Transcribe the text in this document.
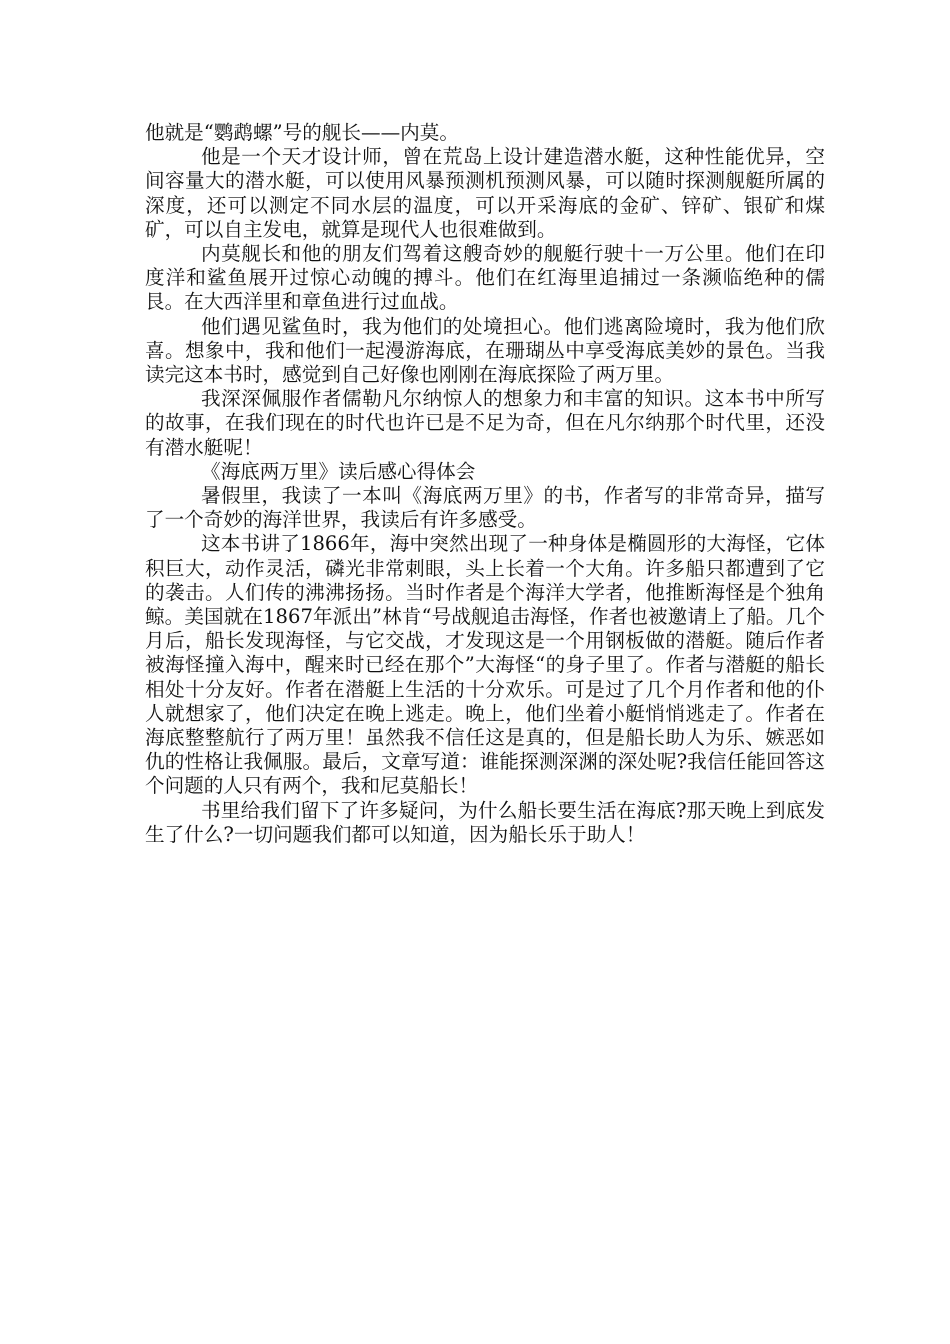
他就是“鹦鹉螺”号的舰长——内莫。

他是一个天才设计师，曾在荒岛上设计建造潜水艇，这种性能优异，空间容量大的潜水艇，可以使用风暴预测机预测风暴，可以随时探测舰艇所属的深度，还可以测定不同水层的温度，可以开采海底的金矿、锌矿、银矿和煤矿，可以自主发电，就算是现代人也很难做到。

内莫舰长和他的朋友们驾着这艘奇妙的舰艇行驶十一万公里。他们在印度洋和鲨鱼展开过惊心动魄的搏斗。他们在红海里追捕过一条濒临绝种的儒艮。在大西洋里和章鱼进行过血战。

他们遇见鲨鱼时，我为他们的处境担心。他们逃离险境时，我为他们欣喜。想象中，我和他们一起漫游海底，在珊瑚丛中享受海底美妙的景色。当我读完这本书时，感觉到自己好像也刚刚在海底探险了两万里。

我深深佩服作者儒勒凡尔纳惊人的想象力和丰富的知识。这本书中所写的故事，在我们现在的时代也许已是不足为奇，但在凡尔纳那个时代里，还没有潜水艇呢！

《海底两万里》读后感心得体会

暑假里，我读了一本叫《海底两万里》的书，作者写的非常奇异，描写了一个奇妙的海洋世界，我读后有许多感受。

这本书讲了1866年，海中突然出现了一种身体是椭圆形的大海怪，它体积巨大，动作灵活，磷光非常刺眼，头上长着一个大角。许多船只都遭到了它的袭击。人们传的沸沸扬扬。当时作者是个海洋大学者，他推断海怪是个独角鲸。美国就在1867年派出”林肯“号战舰追击海怪，作者也被邀请上了船。几个月后，船长发现海怪，与它交战，才发现这是一个用钢板做的潜艇。随后作者被海怪撞入海中，醒来时已经在那个”大海怪“的身子里了。作者与潜艇的船长相处十分友好。作者在潜艇上生活的十分欢乐。可是过了几个月作者和他的仆人就想家了，他们决定在晚上逃走。晚上，他们坐着小艇悄悄逃走了。作者在海底整整航行了两万里！虽然我不信任这是真的，但是船长助人为乐、嫉恶如仇的性格让我佩服。最后，文章写道：谁能探测深渊的深处呢?我信任能回答这个问题的人只有两个，我和尼莫船长！

书里给我们留下了许多疑问，为什么船长要生活在海底?那天晚上到底发生了什么?一切问题我们都可以知道，因为船长乐于助人！
